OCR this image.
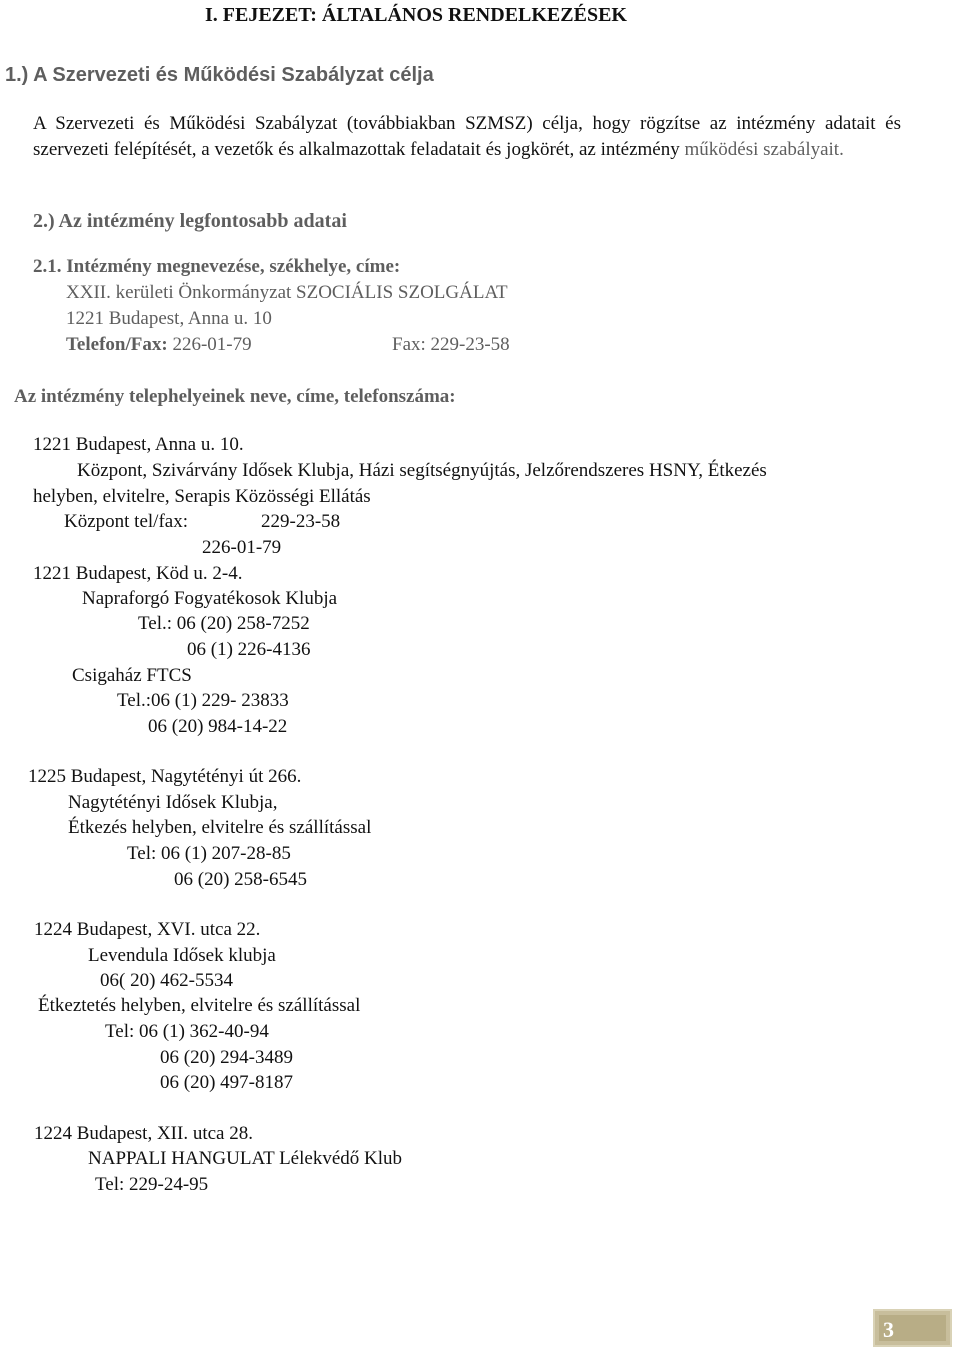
I. FEJEZET: ÁLTALÁNOS RENDELKEZÉSEK
1.) A Szervezeti és Működési Szabályzat célja
A Szervezeti és Működési Szabályzat (továbbiakban SZMSZ) célja, hogy rögzítse az intézmény adatait és szervezeti felépítését, a vezetők és alkalmazottak feladatait és jogkörét, az intézmény működési szabályait.
2.) Az intézmény legfontosabb adatai
2.1. Intézmény megnevezése, székhelye, címe:
XXII. kerületi Önkormányzat SZOCIÁLIS SZOLGÁLAT
1221 Budapest, Anna u. 10
Telefon/Fax: 226-01-79	Fax: 229-23-58
Az intézmény telephelyeinek neve, címe, telefonszáma:
1221 Budapest, Anna u. 10.
Központ, Szivárvány Idősek Klubja, Házi segítségnyújtás, Jelzőrendszeres HSNY, Étkezés
helyben, elvitelre, Serapis Közösségi Ellátás
Központ tel/fax:	229-23-58
226-01-79
1221 Budapest, Köd u. 2-4.
Napraforgó Fogyatékosok Klubja
Tel.: 06 (20) 258-7252
06 (1) 226-4136
Csigaház FTCS
Tel.:06 (1) 229- 23833
06 (20) 984-14-22
1225 Budapest, Nagytétényi út 266.
Nagytétényi Idősek Klubja,
Étkezés helyben, elvitelre és szállítással
Tel: 06 (1) 207-28-85
06 (20) 258-6545
1224 Budapest, XVI. utca 22.
Levendula Idősek klubja
06( 20) 462-5534
Étkeztetés helyben, elvitelre és szállítással
Tel: 06 (1) 362-40-94
06 (20) 294-3489
06 (20) 497-8187
1224 Budapest, XII. utca 28.
NAPPALI HANGULAT Lélekvédő Klub
Tel: 229-24-95
3
